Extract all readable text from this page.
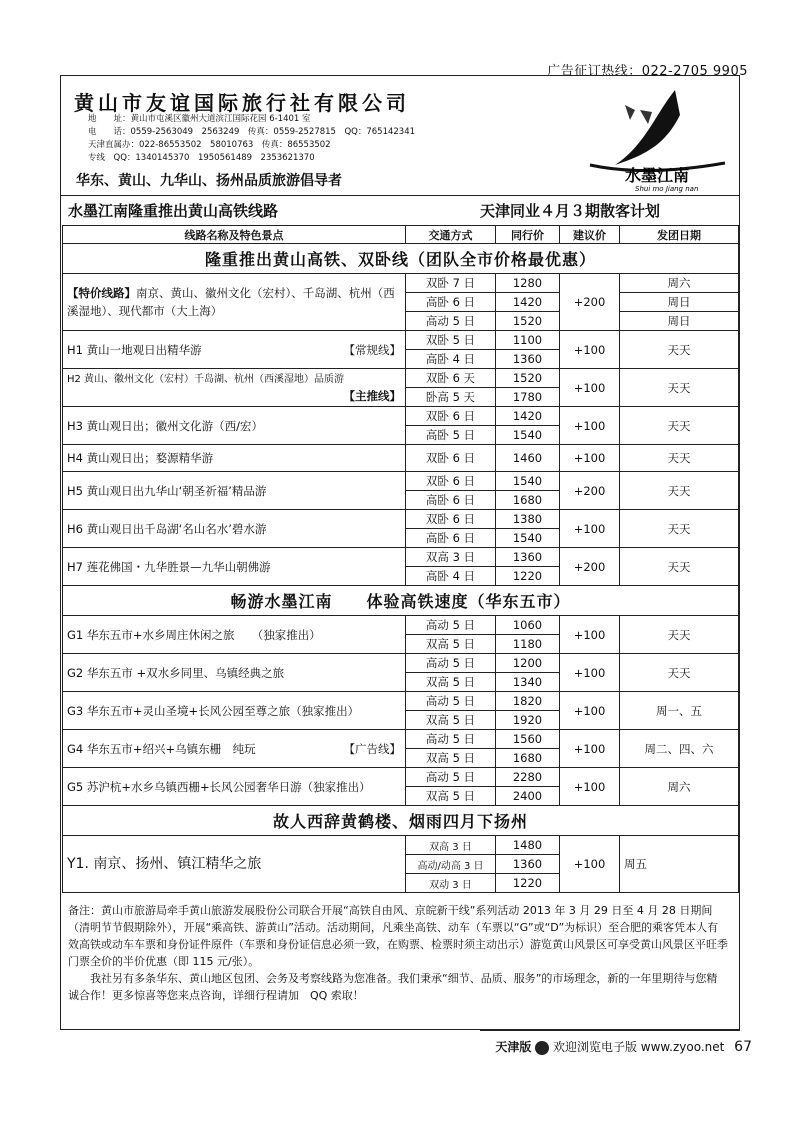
广告征订热线：022-2705 9905
黄山市友谊国际旅行社有限公司
地　　址：黄山市屯溪区徽州大道滨江国际花园 6-1401 室
电　　话：0559-2563049　2563249　传真：0559-2527815　QQ：765142341
天津直属办：022-86553502　58010763　传真：86553502
专线　QQ：1340145370　1950561489　2353621370
华东、黄山、九华山、扬州品质旅游倡导者	水墨江南
Shui mo Jiang nan
水墨江南隆重推出黄山高铁线路	天津同业４月３期散客计划
线路名称及特色景点	交通方式	同行价	建议价	发团日期
隆重推出黄山高铁、双卧线（团队全市价格最优惠）				
【特价线路】南京、黄山、徽州文化（宏村）、千岛湖、杭州（西溪湿地）、现代都市（大上海）	双卧 7 日	1280	+200	周六
	高卧 6 日	1420		周日
	高动 5 日	1520		周日
H1 黄山一地观日出精华游 【常规线】	双卧 5 日	1100	+100	天天
	高卧 4 日	1360		
H2 黄山、徽州文化（宏村）千岛湖、杭州（西溪湿地）品质游
【主推线】	双卧 6 天	1520	+100	天天
	卧高 5 天	1780		
H3 黄山观日出；徽州文化游（西/宏）	双卧 6 日	1420	+100	天天
	高卧 5 日	1540		
H4 黄山观日出；婺源精华游	双卧 6 日	1460	+100	天天
H5 黄山观日出九华山‘朝圣祈福’精品游	双卧 6 日	1540	+200	天天
	高卧 6 日	1680		
H6 黄山观日出千岛湖‘名山名水’碧水游	双卧 6 日	1380	+100	天天
	高卧 6 日	1540		
H7 莲花佛国・九华胜景—九华山朝佛游	双高 3 日	1360	+200	天天
	高卧 4 日	1220		
畅游水墨江南　　体验高铁速度（华东五市）				
G1 华东五市+水乡周庄休闲之旅　　（独家推出）	高动 5 日	1060	+100	天天
	双高 5 日	1180		
G2 华东五市 +双水乡同里、乌镇经典之旅	高动 5 日	1200	+100	天天
	双高 5 日	1340		
G3 华东五市+灵山圣境+长风公园至尊之旅（独家推出）	高动 5 日	1820	+100	周一、五
	双高 5 日	1920		
G4 华东五市+绍兴+乌镇东栅　纯玩 【广告线】	高动 5 日	1560	+100	周二、四、六
	双高 5 日	1680		
G5 苏沪杭+水乡乌镇西栅+长风公园奢华日游（独家推出）	高动 5 日	2280	+100	周六
	双高 5 日	2400		
故人西辞黄鹤楼、烟雨四月下扬州				
Y1. 南京、扬州、镇江精华之旅	双高 3 日	1480	+100	周五
	高动/动高 3 日	1360		
	双动 3 日	1220		
备注：黄山市旅游局牵手黄山旅游发展股份公司联合开展“高铁自由风、京皖新干线”系列活动 2013 年 3 月 29 日至 4 月 28 日期间（清明节节假期除外），开展“乘高铁、游黄山”活动。活动期间，凡乘坐高铁、动车（车票以“G”或“D”为标识）至合肥的乘客凭本人有效高铁或动车车票和身份证件原件（车票和身份证信息必须一致，在购票、检票时须主动出示）游览黄山风景区可享受黄山风景区平旺季门票全价的半价优惠（即 115 元/张）。
我社另有多条华东、黄山地区包团、会务及考察线路为您准备。我们秉承“细节、品质、服务”的市场理念，新的一年里期待与您精诚合作！更多惊喜等您来点咨询，详细行程请加　QQ 索取！
天津版 欢迎浏览电子版 www.zyoo.net 67
